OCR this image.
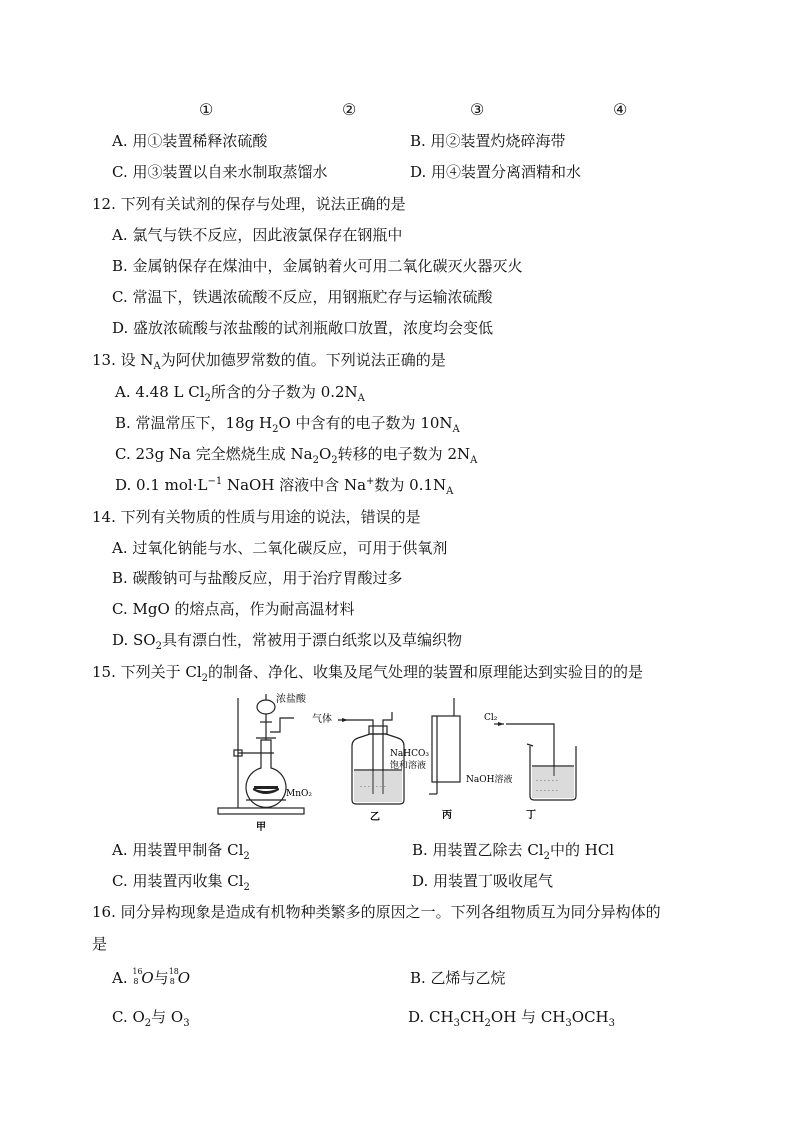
①	②	③	④
A. 用①装置稀释浓硫酸	B. 用②装置灼烧碎海带
C. 用③装置以自来水制取蒸馏水	D. 用④装置分离酒精和水
12. 下列有关试剂的保存与处理，说法正确的是
A. 氯气与铁不反应，因此液氯保存在钢瓶中
B. 金属钠保存在煤油中，金属钠着火可用二氧化碳灭火器灭火
C. 常温下，铁遇浓硫酸不反应，用钢瓶贮存与运输浓硫酸
D. 盛放浓硫酸与浓盐酸的试剂瓶敞口放置，浓度均会变低
13. 设 $N_A$为阿伏加德罗常数的值。下列说法正确的是
A. 4.48 L $Cl_2$所含的分子数为 $0.2N_A$
B. 常温常压下，18g $H_2O$ 中含有的电子数为 $10N_A$
C. 23g Na 完全燃烧生成 $Na_2O_2$转移的电子数为 $2N_A$
D. 0.1 $mol\cdot L^{-1}$ NaOH 溶液中含 Na+数为 $0.1N_A$
14. 下列有关物质的性质与用途的说法，错误的是
A. 过氧化钠能与水、二氧化碳反应，可用于供氧剂
B. 碳酸钠可与盐酸反应，用于治疗胃酸过多
C. MgO 的熔点高，作为耐高温材料
D. $SO_2$具有漂白性，常被用于漂白纸浆以及草编织物
15. 下列关于 $Cl_2$的制备、净化、收集及尾气处理的装置和原理能达到实验目的的是
- - - - - - -
- - - - - -
- - - - - -
浓盐酸
MnO₂
甲
气体
NaHCO₃
饱和溶液
乙	丙
Cl₂
NaOH溶液
丁
A. 用装置甲制备 $Cl_2$	B. 用装置乙除去 $Cl_2$中的 HCl
C. 用装置丙收集 $Cl_2$	D. 用装置丁吸收尾气
16. 同分异构现象是造成有机物种类繁多的原因之一。下列各组物质互为同分异构体的
是
A. 16
8 O与 18
8 O	B. 乙烯与乙烷
C. $O_2$与 $O_3$	D. $CH_3CH_2OH$ 与 $CH_3OCH_3$
